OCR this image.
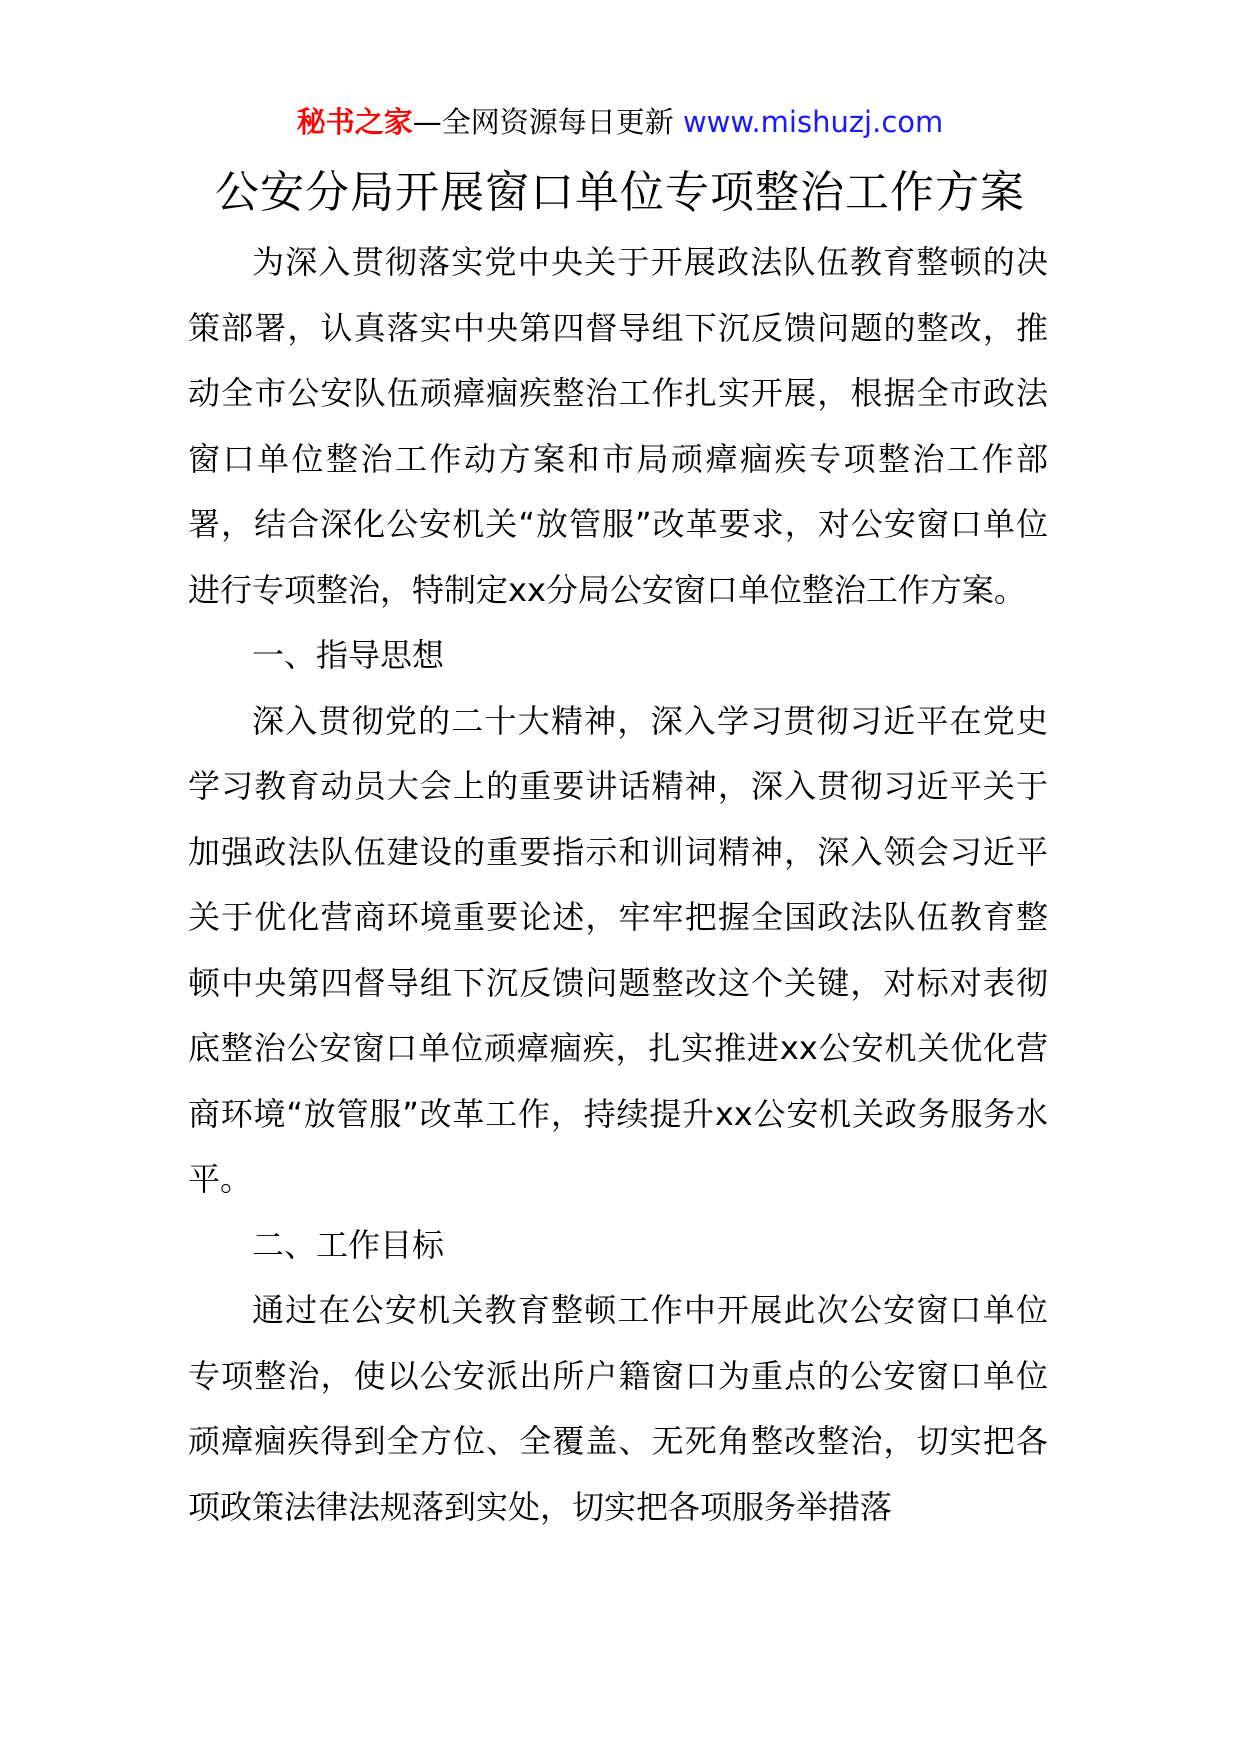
秘书之家—全网资源每日更新 www.mishuzj.com
公安分局开展窗口单位专项整治工作方案

为深入贯彻落实党中央关于开展政法队伍教育整顿的决策部署，认真落实中央第四督导组下沉反馈问题的整改，推动全市公安队伍顽瘴痼疾整治工作扎实开展，根据全市政法窗口单位整治工作动方案和市局顽瘴痼疾专项整治工作部署，结合深化公安机关“放管服”改革要求，对公安窗口单位进行专项整治，特制定xx分局公安窗口单位整治工作方案。

一、指导思想

深入贯彻党的二十大精神，深入学习贯彻习近平在党史学习教育动员大会上的重要讲话精神，深入贯彻习近平关于加强政法队伍建设的重要指示和训词精神，深入领会习近平关于优化营商环境重要论述，牢牢把握全国政法队伍教育整顿中央第四督导组下沉反馈问题整改这个关键，对标对表彻底整治公安窗口单位顽瘴痼疾，扎实推进xx公安机关优化营商环境“放管服”改革工作，持续提升xx公安机关政务服务水平。

二、工作目标

通过在公安机关教育整顿工作中开展此次公安窗口单位专项整治，使以公安派出所户籍窗口为重点的公安窗口单位顽瘴痼疾得到全方位、全覆盖、无死角整改整治，切实把各项政策法律法规落到实处，切实把各项服务举措落
